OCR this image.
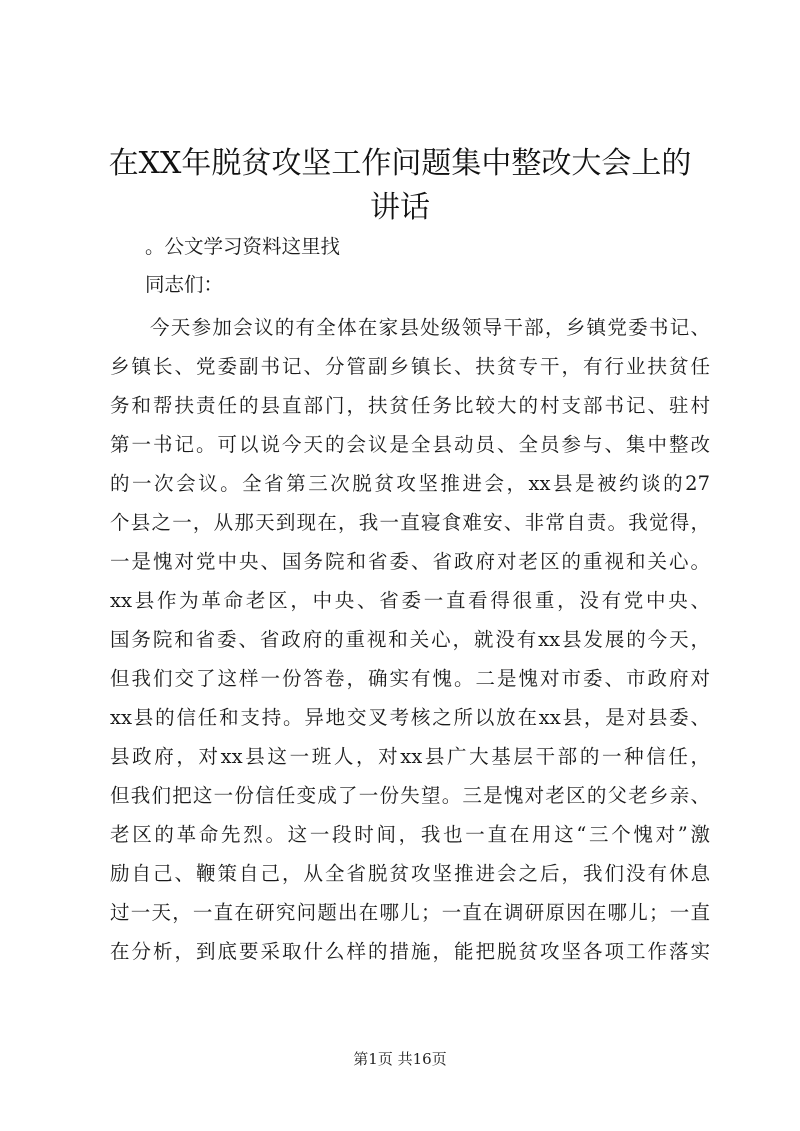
在XX年脱贫攻坚工作问题集中整改大会上的
讲话
。公文学习资料这里找
同志们：
今天参加会议的有全体在家县处级领导干部，乡镇党委书记、
乡镇长、党委副书记、分管副乡镇长、扶贫专干，有行业扶贫任
务和帮扶责任的县直部门，扶贫任务比较大的村支部书记、驻村
第一书记。可以说今天的会议是全县动员、全员参与、集中整改
的一次会议。全省第三次脱贫攻坚推进会，xx县是被约谈的27
个县之一，从那天到现在，我一直寝食难安、非常自责。我觉得，
一是愧对党中央、国务院和省委、省政府对老区的重视和关心。
xx县作为革命老区，中央、省委一直看得很重，没有党中央、
国务院和省委、省政府的重视和关心，就没有xx县发展的今天，
但我们交了这样一份答卷，确实有愧。二是愧对市委、市政府对
xx县的信任和支持。异地交叉考核之所以放在xx县，是对县委、
县政府，对xx县这一班人，对xx县广大基层干部的一种信任，
但我们把这一份信任变成了一份失望。三是愧对老区的父老乡亲、
老区的革命先烈。这一段时间，我也一直在用这“三个愧对”激
励自己、鞭策自己，从全省脱贫攻坚推进会之后，我们没有休息
过一天，一直在研究问题出在哪儿；一直在调研原因在哪儿；一直
在分析，到底要采取什么样的措施，能把脱贫攻坚各项工作落实
第1页 共16页
